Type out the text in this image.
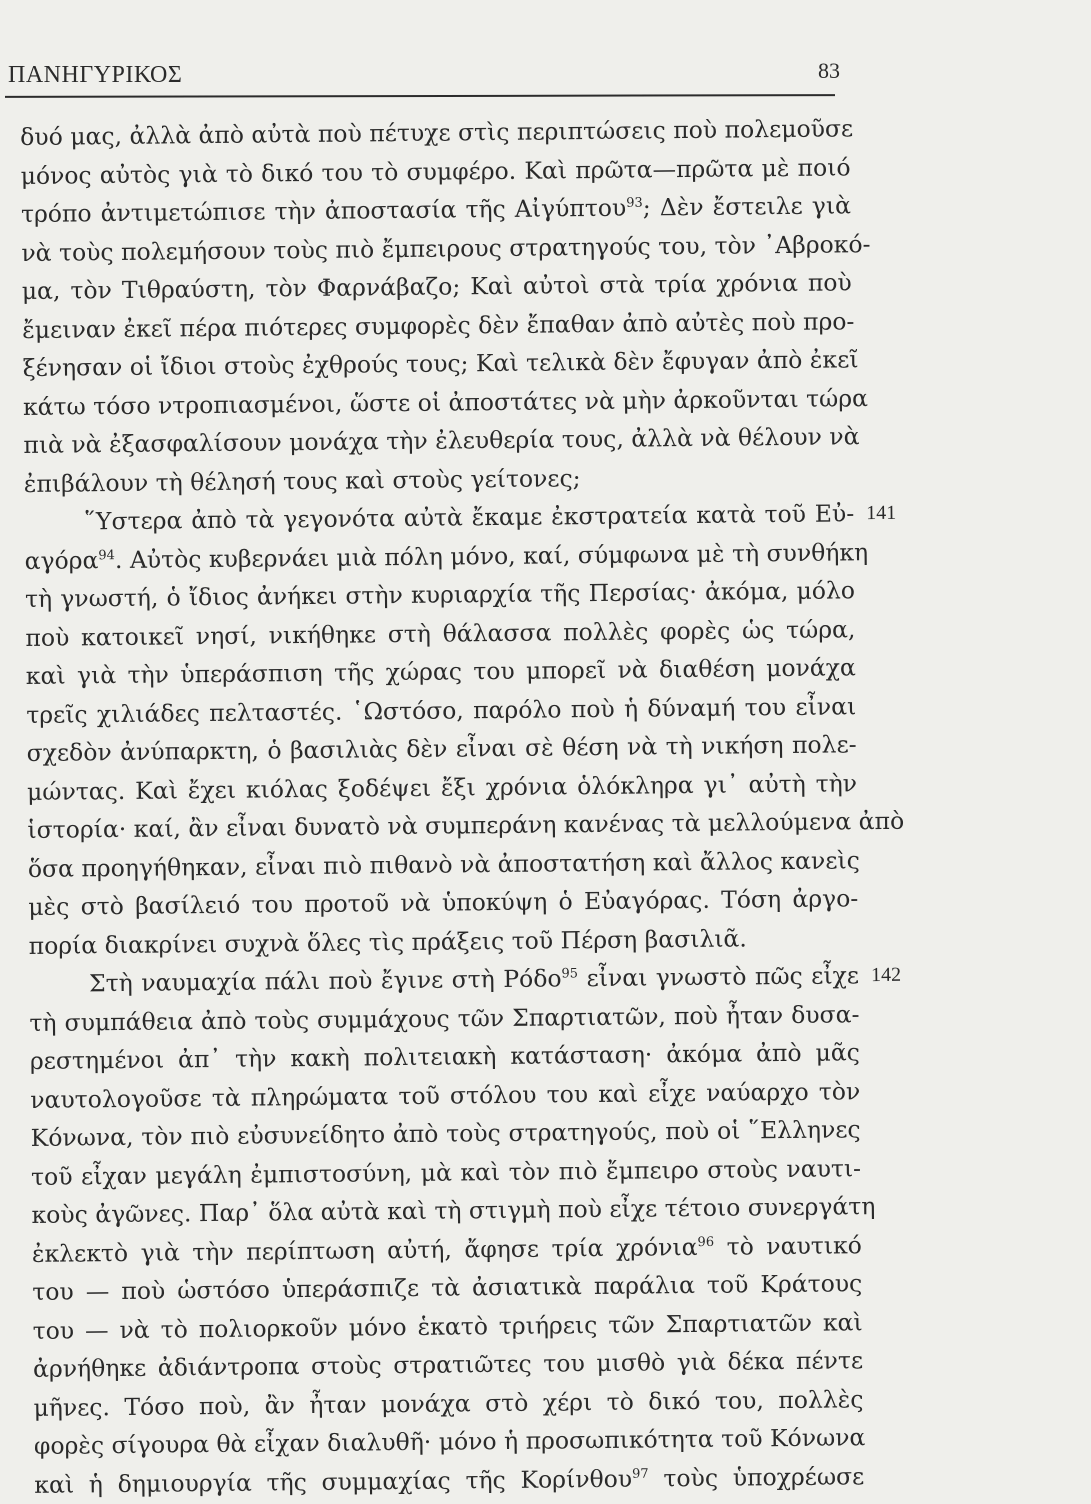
ΠΑΝΗΓΥΡΙΚΟΣ	83
δυό μας, ἀλλὰ ἀπὸ αὐτὰ ποὺ πέτυχε στὶς περιπτώσεις ποὺ πολεμοῦσε
μόνος αὐτὸς γιὰ τὸ δικό του τὸ συμφέρο. Καὶ πρῶτα—πρῶτα μὲ ποιό
τρόπο ἀντιμετώπισε τὴν ἀποστασία τῆς Αἰγύπτου$^{93}$; Δὲν ἔστειλε γιὰ
νὰ τοὺς πολεμήσουν τοὺς πιὸ ἔμπειρους στρατηγούς του, τὸν ᾿Αβροκό-
μα, τὸν Τιθραύστη, τὸν Φαρνάβαζο; Καὶ αὐτοὶ στὰ τρία χρόνια ποὺ
ἔμειναν ἐκεῖ πέρα πιότερες συμφορὲς δὲν ἔπαθαν ἀπὸ αὐτὲς ποὺ προ-
ξένησαν οἱ ἴδιοι στοὺς ἐχθρούς τους; Καὶ τελικὰ δὲν ἔφυγαν ἀπὸ ἐκεῖ
κάτω τόσο ντροπιασμένοι, ὥστε οἱ ἀποστάτες νὰ μὴν ἀρκοῦνται τώρα
πιὰ νὰ ἐξασφαλίσουν μονάχα τὴν ἐλευθερία τους, ἀλλὰ νὰ θέλουν νὰ
ἐπιβάλουν τὴ θέλησή τους καὶ στοὺς γείτονες;
῞Υστερα ἀπὸ τὰ γεγονότα αὐτὰ ἔκαμε ἐκστρατεία κατὰ τοῦ Εὐ- 141
αγόρα$^{94}$. Αὐτὸς κυβερνάει μιὰ πόλη μόνο, καί, σύμφωνα μὲ τὴ συνθήκη
τὴ γνωστή, ὁ ἴδιος ἀνήκει στὴν κυριαρχία τῆς Περσίας· ἀκόμα, μόλο
ποὺ κατοικεῖ νησί, νικήθηκε στὴ θάλασσα πολλὲς φορὲς ὡς τώρα,
καὶ γιὰ τὴν ὑπεράσπιση τῆς χώρας του μπορεῖ νὰ διαθέση μονάχα
τρεῖς χιλιάδες πελταστές. ῾Ωστόσο, παρόλο ποὺ ἡ δύναμή του εἶναι
σχεδὸν ἀνύπαρκτη, ὁ βασιλιὰς δὲν εἶναι σὲ θέση νὰ τὴ νικήση πολε-
μώντας. Καὶ ἔχει κιόλας ξοδέψει ἔξι χρόνια ὁλόκληρα γι᾿ αὐτὴ τὴν
ἱστορία· καί, ἂν εἶναι δυνατὸ νὰ συμπεράνη κανένας τὰ μελλούμενα ἀπὸ
ὅσα προηγήθηκαν, εἶναι πιὸ πιθανὸ νὰ ἀποστατήση καὶ ἄλλος κανεὶς
μὲς στὸ βασίλειό του προτοῦ νὰ ὑποκύψη ὁ Εὐαγόρας. Τόση ἀργο-
πορία διακρίνει συχνὰ ὅλες τὶς πράξεις τοῦ Πέρση βασιλιᾶ.
Στὴ ναυμαχία πάλι ποὺ ἔγινε στὴ Ρόδο$^{95}$ εἶναι γνωστὸ πῶς εἶχε 142
τὴ συμπάθεια ἀπὸ τοὺς συμμάχους τῶν Σπαρτιατῶν, ποὺ ἦταν δυσα-
ρεστημένοι ἀπ᾿ τὴν κακὴ πολιτειακὴ κατάσταση· ἀκόμα ἀπὸ μᾶς
ναυτολογοῦσε τὰ πληρώματα τοῦ στόλου του καὶ εἶχε ναύαρχο τὸν
Κόνωνα, τὸν πιὸ εὐσυνείδητο ἀπὸ τοὺς στρατηγούς, ποὺ οἱ ῞Ελληνες
τοῦ εἶχαν μεγάλη ἐμπιστοσύνη, μὰ καὶ τὸν πιὸ ἔμπειρο στοὺς ναυτι-
κοὺς ἀγῶνες. Παρ᾿ ὅλα αὐτὰ καὶ τὴ στιγμὴ ποὺ εἶχε τέτοιο συνεργάτη
ἐκλεκτὸ γιὰ τὴν περίπτωση αὐτή, ἄφησε τρία χρόνια$^{96}$ τὸ ναυτικό
του — ποὺ ὡστόσο ὑπεράσπιζε τὰ ἀσιατικὰ παράλια τοῦ Κράτους
του — νὰ τὸ πολιορκοῦν μόνο ἑκατὸ τριήρεις τῶν Σπαρτιατῶν καὶ
ἀρνήθηκε ἀδιάντροπα στοὺς στρατιῶτες του μισθὸ γιὰ δέκα πέντε
μῆνες. Τόσο ποὺ, ἂν ἦταν μονάχα στὸ χέρι τὸ δικό του, πολλὲς
φορὲς σίγουρα θὰ εἶχαν διαλυθῆ· μόνο ἡ προσωπικότητα τοῦ Κόνωνα
καὶ ἡ δημιουργία τῆς συμμαχίας τῆς Κορίνθου$^{97}$ τοὺς ὑποχρέωσε
